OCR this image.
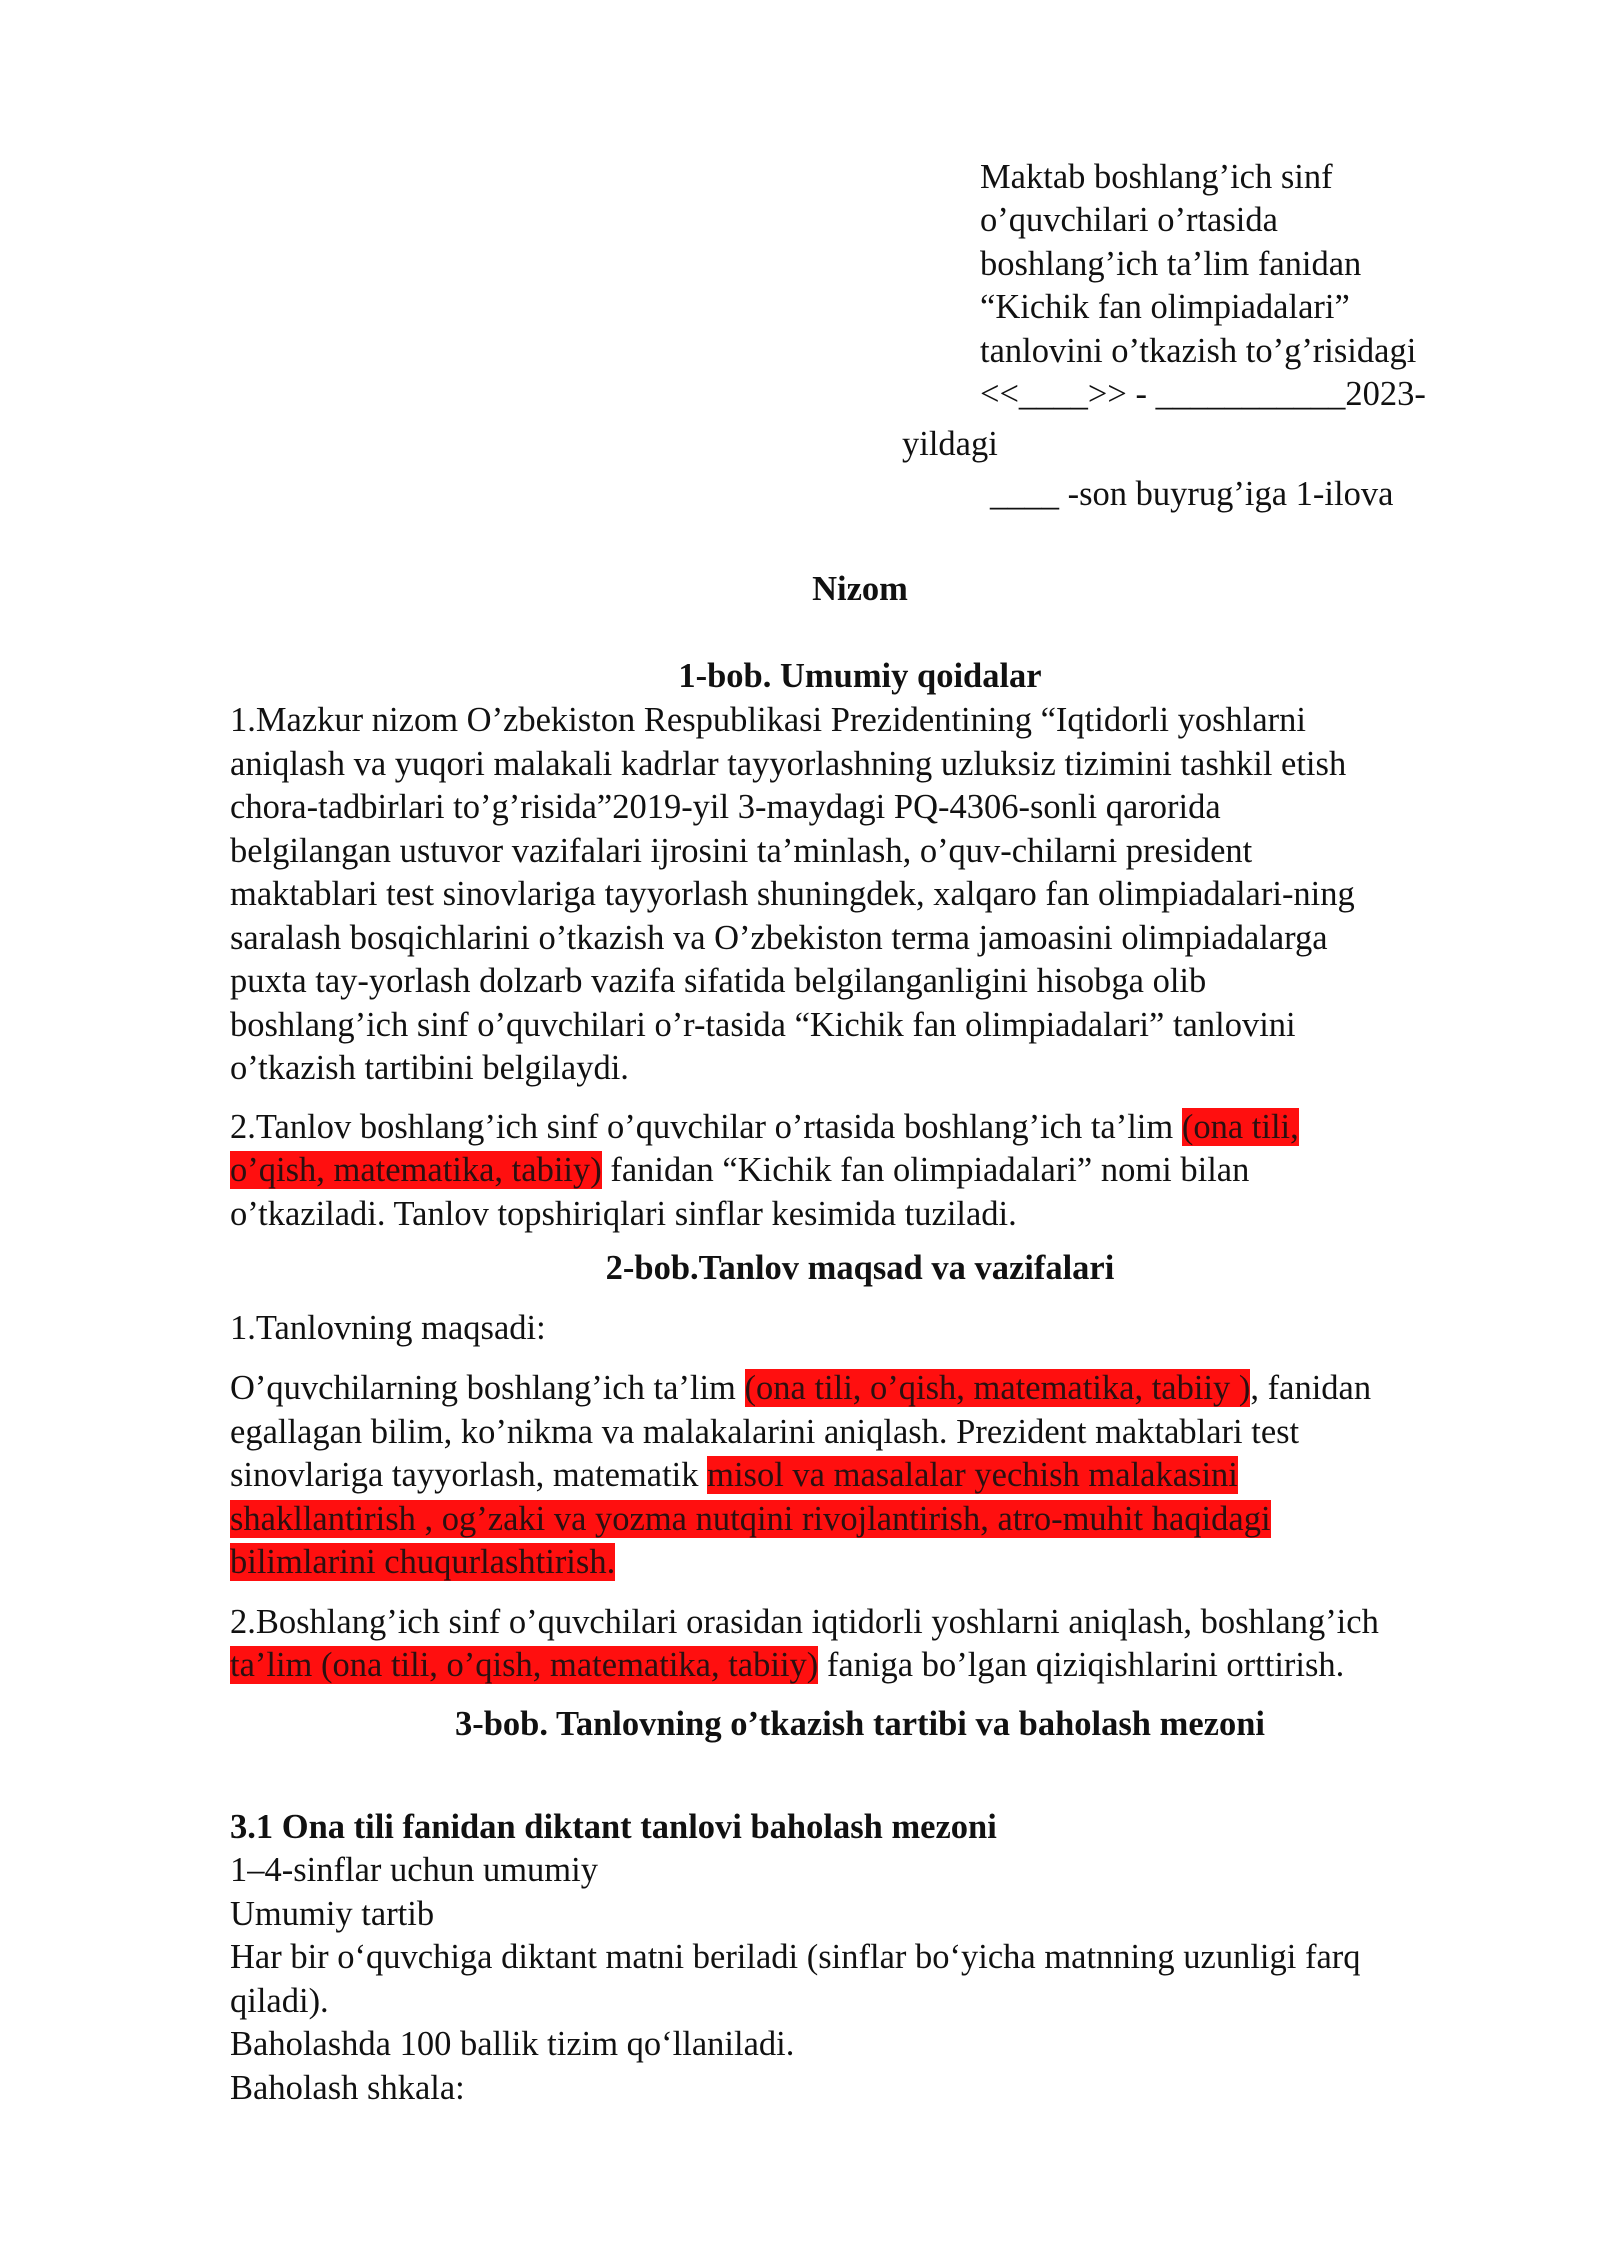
Maktab boshlang’ich sinf

o’quvchilari o’rtasida

boshlang’ich ta’lim fanidan

“Kichik fan olimpiadalari”

tanlovini o’tkazish to’g’risidagi

<<____>> - ___________2023-

yildagi

____ -son buyrug’iga 1-ilova

Nizom

1-bob. Umumiy qoidalar

1.Mazkur nizom O’zbekiston Respublikasi Prezidentining “Iqtidorli yoshlarni

aniqlash va yuqori malakali kadrlar tayyorlashning uzluksiz tizimini tashkil etish

chora-tadbirlari to’g’risida”2019-yil 3-maydagi PQ-4306-sonli qarorida

belgilangan ustuvor vazifalari ijrosini ta’minlash, o’quv-chilarni president

maktablari test sinovlariga tayyorlash shuningdek, xalqaro fan olimpiadalari-ning

saralash bosqichlarini o’tkazish va O’zbekiston terma jamoasini olimpiadalarga

puxta tay-yorlash dolzarb vazifa sifatida belgilanganligini hisobga olib

boshlang’ich sinf o’quvchilari o’r-tasida “Kichik fan olimpiadalari” tanlovini

o’tkazish tartibini belgilaydi.

2.Tanlov boshlang’ich sinf o’quvchilar o’rtasida boshlang’ich ta’lim (ona tili,

o’qish, matematika, tabiiy) fanidan “Kichik fan olimpiadalari” nomi bilan

o’tkaziladi. Tanlov topshiriqlari sinflar kesimida tuziladi.

2-bob.Tanlov maqsad va vazifalari

1.Tanlovning maqsadi:

O’quvchilarning boshlang’ich ta’lim (ona tili, o’qish, matematika, tabiiy ), fanidan

egallagan bilim, ko’nikma va malakalarini aniqlash. Prezident maktablari test

sinovlariga tayyorlash, matematik misol va masalalar yechish malakasini

shakllantirish , og’zaki va yozma nutqini rivojlantirish, atro-muhit haqidagi

bilimlarini chuqurlashtirish.

2.Boshlang’ich sinf o’quvchilari orasidan iqtidorli yoshlarni aniqlash, boshlang’ich

ta’lim (ona tili, o’qish, matematika, tabiiy) faniga bo’lgan qiziqishlarini orttirish.

3-bob. Tanlovning o’tkazish tartibi va baholash mezoni

3.1 Ona tili fanidan diktant tanlovi baholash mezoni

1–4-sinflar uchun umumiy

Umumiy tartib

Har bir o‘quvchiga diktant matni beriladi (sinflar bo‘yicha matnning uzunligi farq

qiladi).

Baholashda 100 ballik tizim qo‘llaniladi.

Baholash shkala:
